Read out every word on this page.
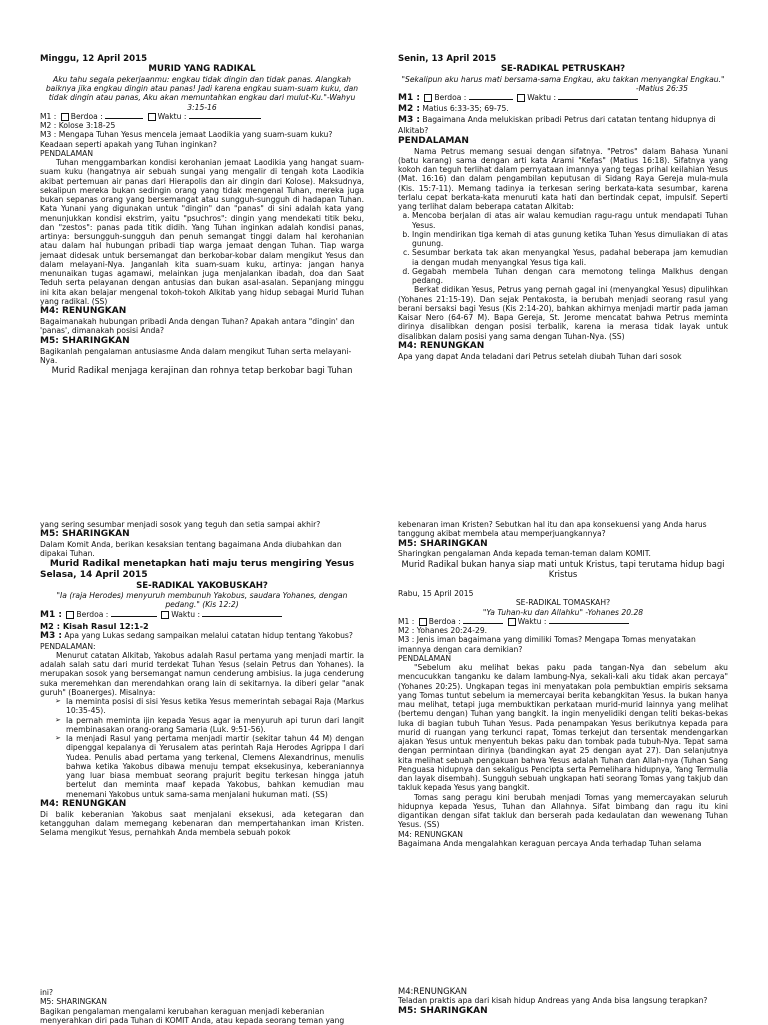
Minggu, 12 April 2015

MURID YANG RADIKAL

Aku tahu segala pekerjaanmu: engkau tidak dingin dan tidak panas. Alangkah baiknya jika engkau dingin atau panas! Jadi karena engkau suam-suam kuku, dan tidak dingin atau panas, Aku akan memuntahkan engkau dari mulut-Ku."-Wahyu 3:15-16

M1 : Berdoa :	Waktu :

M2 : Kolose 3:18-25

M3 : Mengapa Tuhan Yesus mencela jemaat Laodikia yang suam-suam kuku? Keadaan seperti apakah yang Tuhan inginkan?

PENDALAMAN

Tuhan menggambarkan kondisi kerohanian jemaat Laodikia yang hangat suam-suam kuku (hangatnya air sebuah sungai yang mengalir di tengah kota Laodikia akibat pertemuan air panas dari Hierapolis dan air dingin dari Kolose). Maksudnya, sekalipun mereka bukan sedingin orang yang tidak mengenal Tuhan, mereka juga bukan sepanas orang yang bersemangat atau sungguh-sungguh di hadapan Tuhan. Kata Yunani yang digunakan untuk "dingin" dan "panas" di sini adalah kata yang menunjukkan kondisi ekstrim, yaitu "psuchros": dingin yang mendekati titik beku, dan "zestos": panas pada titik didih. Yang Tuhan inginkan adalah kondisi panas, artinya: bersungguh-sungguh dan penuh semangat tinggi dalam hal kerohanian atau dalam hal hubungan pribadi tiap warga jemaat dengan Tuhan. Tiap warga jemaat didesak untuk bersemangat dan berkobar-kobar dalam mengikut Yesus dan dalam melayani-Nya. Janganlah kita suam-suam kuku, artinya: jangan hanya menunaikan tugas agamawi, melainkan juga menjalankan ibadah, doa dan Saat Teduh serta pelayanan dengan antusias dan bukan asal-asalan. Sepanjang minggu ini kita akan belajar mengenal tokoh-tokoh Alkitab yang hidup sebagai Murid Tuhan yang radikal. (SS)

M4: RENUNGKAN

Bagaimanakah hubungan pribadi Anda dengan Tuhan? Apakah antara "dingin' dan 'panas', dimanakah posisi Anda?

M5: SHARINGKAN

Bagikanlah pengalaman antusiasme Anda dalam mengikut Tuhan serta melayani-Nya.

Murid Radikal menjaga kerajinan dan rohnya tetap berkobar bagi Tuhan

Senin, 13 April 2015

SE-RADIKAL PETRUSKAH?

"Sekalipun aku harus mati bersama-sama Engkau, aku takkan menyangkal Engkau."

-Matius 26:35

M1 : Berdoa :	Waktu :

M2 : Matius 6:33-35; 69-75.

M3 : Bagaimana Anda melukiskan pribadi Petrus dari catatan tentang hidupnya di Alkitab?

PENDALAMAN

Nama Petrus memang sesuai dengan sifatnya. "Petros" dalam Bahasa Yunani (batu karang) sama dengan arti kata Arami "Kefas" (Matius 16:18). Sifatnya yang kokoh dan teguh terlihat dalam pernyataan imannya yang tegas prihal keilahian Yesus (Mat. 16:16) dan dalam pengambilan keputusan di Sidang Raya Gereja mula-mula (Kis. 15:7-11). Memang tadinya ia terkesan sering berkata-kata sesumbar, karena terlalu cepat berkata-kata menuruti kata hati dan bertindak cepat, impulsif. Seperti yang terlihat dalam beberapa catatan Alkitab:

a. Mencoba berjalan di atas air walau kemudian ragu-ragu untuk mendapati Tuhan Yesus.
b. Ingin mendirikan tiga kemah di atas gunung ketika Tuhan Yesus dimuliakan di atas gunung.
c. Sesumbar berkata tak akan menyangkal Yesus, padahal beberapa jam kemudian ia dengan mudah menyangkal Yesus tiga kali.
d. Gegabah membela Tuhan dengan cara memotong telinga Malkhus dengan pedang.

Berkat didikan Yesus, Petrus yang pernah gagal ini (menyangkal Yesus) dipulihkan (Yohanes 21:15-19). Dan sejak Pentakosta, ia berubah menjadi seorang rasul yang berani bersaksi bagi Yesus (Kis 2:14-20), bahkan akhirnya menjadi martir pada jaman Kaisar Nero (64-67 M). Bapa Gereja, St. Jerome mencatat bahwa Petrus meminta dirinya disalibkan dengan posisi terbalik, karena ia merasa tidak layak untuk disalibkan dalam posisi yang sama dengan Tuhan-Nya. (SS)

M4: RENUNGKAN

Apa yang dapat Anda teladani dari Petrus setelah diubah Tuhan dari sosok

yang sering sesumbar menjadi sosok yang teguh dan setia sampai akhir?

M5: SHARINGKAN

Dalam Komit Anda, berikan kesaksian tentang bagaimana Anda diubahkan dan dipakai Tuhan.

Murid Radikal menetapkan hati maju terus mengiring Yesus

Selasa, 14 April 2015

SE-RADIKAL YAKOBUSKAH?

"Ia (raja Herodes) menyuruh membunuh Yakobus, saudara Yohanes, dengan pedang." (Kis 12:2)

M1 : Berdoa :	Waktu :

M2 : Kisah Rasul 12:1-2

M3 : Apa yang Lukas sedang sampaikan melalui catatan hidup tentang Yakobus?

PENDALAMAN:

Menurut catatan Alkitab, Yakobus adalah Rasul pertama yang menjadi martir. Ia adalah salah satu dari murid terdekat Tuhan Yesus (selain Petrus dan Yohanes). Ia merupakan sosok yang bersemangat namun cenderung ambisius. Ia juga cenderung suka meremehkan dan merendahkan orang lain di sekitarnya. Ia diberi gelar "anak guruh" (Boanerges). Misalnya:

➢ Ia meminta posisi di sisi Yesus ketika Yesus memerintah sebagai Raja (Markus 10:35-45).
➢ Ia pernah meminta ijin kepada Yesus agar ia menyuruh api turun dari langit membinasakan orang-orang Samaria (Luk. 9:51-56).
➢ Ia menjadi Rasul yang pertama menjadi martir (sekitar tahun 44 M) dengan dipenggal kepalanya di Yerusalem atas perintah Raja Herodes Agrippa I dari Yudea. Penulis abad pertama yang terkenal, Clemens Alexandrinus, menulis bahwa ketika Yakobus dibawa menuju tempat eksekusinya, keberaniannya yang luar biasa membuat seorang prajurit begitu terkesan hingga jatuh bertelut dan meminta maaf kepada Yakobus, bahkan kemudian mau menemani Yakobus untuk sama-sama menjalani hukuman mati. (SS)

M4: RENUNGKAN

Di balik keberanian Yakobus saat menjalani eksekusi, ada ketegaran dan ketangguhan dalam memegang kebenaran dan mempertahankan iman Kristen. Selama mengikut Yesus, pernahkah Anda membela sebuah pokok

ini?

M5: SHARINGKAN

Bagikan pengalaman mengalami kerubahan keraguan menjadi keberanian menyerahkan diri pada Tuhan di KOMIT Anda, atau kepada seorang teman yang

kebenaran iman Kristen? Sebutkan hal itu dan apa konsekuensi yang Anda harus tanggung akibat membela atau memperjuangkannya?

M5: SHARINGKAN

Sharingkan pengalaman Anda kepada teman-teman dalam KOMIT.

Murid Radikal bukan hanya siap mati untuk Kristus, tapi terutama hidup bagi Kristus

Rabu, 15 April 2015

SE-RADIKAL TOMASKAH?

"Ya Tuhan-ku dan Allahku" -Yohanes 20.28

M1 : Berdoa :	Waktu :

M2 : Yohanes 20:24-29.

M3 : Jenis iman bagaimana yang dimiliki Tomas? Mengapa Tomas menyatakan imannya dengan cara demikian?

PENDALAMAN

"Sebelum aku melihat bekas paku pada tangan-Nya dan sebelum aku mencucukkan tanganku ke dalam lambung-Nya, sekali-kali aku tidak akan percaya" (Yohanes 20:25). Ungkapan tegas ini menyatakan pola pembuktian empiris seksama yang Tomas tuntut sebelum ia memercayai berita kebangkitan Yesus. Ia bukan hanya mau melihat, tetapi juga membuktikan perkataan murid-murid lainnya yang melihat (bertemu dengan) Tuhan yang bangkit. Ia ingin menyelidiki dengan teliti bekas-bekas luka di bagian tubuh Tuhan Yesus. Pada penampakan Yesus berikutnya kepada para murid di ruangan yang terkunci rapat, Tomas terkejut dan tersentak mendengarkan ajakan Yesus untuk menyentuh bekas paku dan tombak pada tubuh-Nya. Tepat sama dengan permintaan dirinya (bandingkan ayat 25 dengan ayat 27). Dan selanjutnya kita melihat sebuah pengakuan bahwa Yesus adalah Tuhan dan Allah-nya (Tuhan Sang Penguasa hidupnya dan sekaligus Pencipta serta Pemelihara hidupnya, Yang Termulia dan layak disembah). Sungguh sebuah ungkapan hati seorang Tomas yang takjub dan takluk kepada Yesus yang bangkit.

Tomas sang peragu kini berubah menjadi Tomas yang memercayakan seluruh hidupnya kepada Yesus, Tuhan dan Allahnya. Sifat bimbang dan ragu itu kini digantikan dengan sifat takluk dan berserah pada kedaulatan dan wewenang Tuhan Yesus. (SS)

M4: RENUNGKAN

Bagaimana Anda mengalahkan keraguan percaya Anda terhadap Tuhan selama

M4:RENUNGKAN

Teladan praktis apa dari kisah hidup Andreas yang Anda bisa langsung terapkan?

M5: SHARINGKAN
